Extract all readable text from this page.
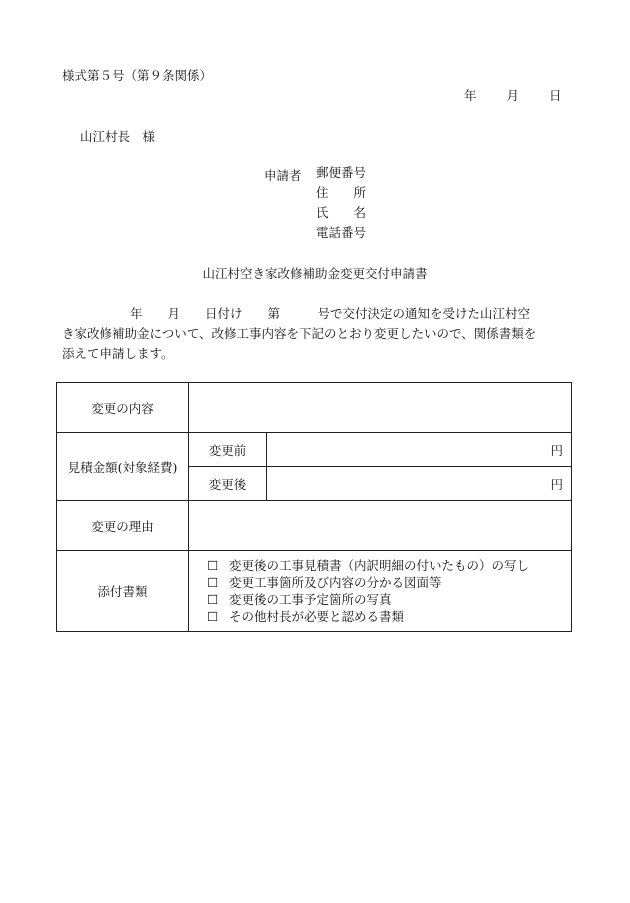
様式第５号（第９条関係）
年 月 日
山江村長　様
申請者 郵便番号
住　　所
氏　　名
電話番号
山江村空き家改修補助金変更交付申請書
年　　月　　日付け　　第　　　号で交付決定の通知を受けた山江村空
き家改修補助金について、改修工事内容を下記のとおり変更したいので、関係書類を
添えて申請します。
変更の内容		
見積金額(対象経費)	変更前	円
	変更後	円
変更の理由		
添付書類	☐ 変更後の工事見積書（内訳明細の付いたもの）の写し
☐ 変更工事箇所及び内容の分かる図面等
☐ 変更後の工事予定箇所の写真
☐ その他村長が必要と認める書類	
